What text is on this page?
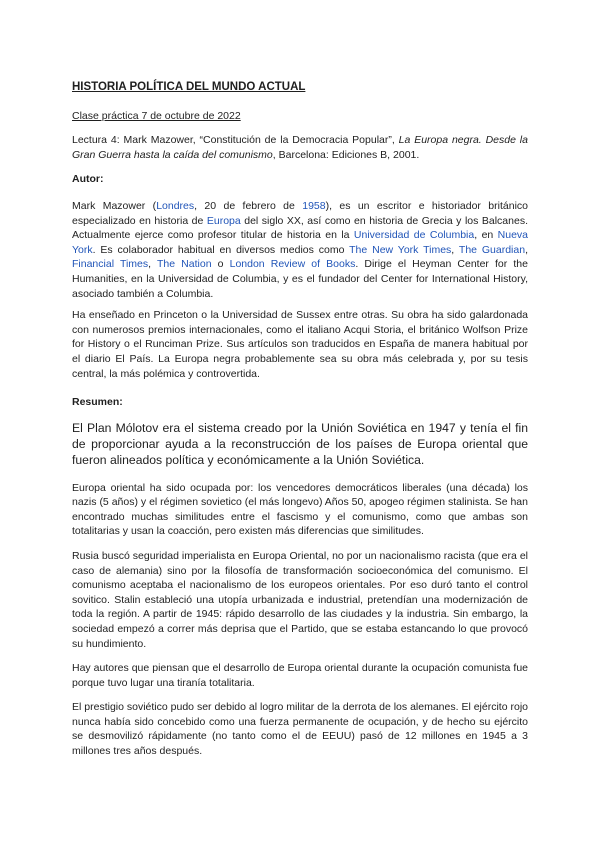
HISTORIA POLÍTICA DEL MUNDO ACTUAL

Clase práctica 7 de octubre de 2022

Lectura 4: Mark Mazower, “Constitución de la Democracia Popular”, La Europa negra. Desde la Gran Guerra hasta la caída del comunismo, Barcelona: Ediciones B, 2001.

Autor:

Mark Mazower (Londres, 20 de febrero de 1958), es un escritor e historiador británico especializado en historia de Europa del siglo XX, así como en historia de Grecia y los Balcanes. Actualmente ejerce como profesor titular de historia en la Universidad de Columbia, en Nueva York. Es colaborador habitual en diversos medios como The New York Times, The Guardian, Financial Times, The Nation o London Review of Books. Dirige el Heyman Center for the Humanities, en la Universidad de Columbia, y es el fundador del Center for International History, asociado también a Columbia.

Ha enseñado en Princeton o la Universidad de Sussex entre otras. Su obra ha sido galardonada con numerosos premios internacionales, como el italiano Acqui Storia, el británico Wolfson Prize for History o el Runciman Prize. Sus artículos son traducidos en España de manera habitual por el diario El País. La Europa negra probablemente sea su obra más celebrada y, por su tesis central, la más polémica y controvertida.

Resumen:

El Plan Mólotov era el sistema creado por la Unión Soviética en 1947 y tenía el fin de proporcionar ayuda a la reconstrucción de los países de Europa oriental que fueron alineados política y económicamente a la Unión Soviética.

Europa oriental ha sido ocupada por: los vencedores democráticos liberales (una década) los nazis (5 años) y el régimen sovietico (el más longevo) Años 50, apogeo régimen stalinista. Se han encontrado muchas similitudes entre el fascismo y el comunismo, como que ambas son totalitarias y usan la coacción, pero existen más diferencias que similitudes.

Rusia buscó seguridad imperialista en Europa Oriental, no por un nacionalismo racista (que era el caso de alemania) sino por la filosofía de transformación socioeconómica del comunismo. El comunismo aceptaba el nacionalismo de los europeos orientales. Por eso duró tanto el control sovitico. Stalin estableció una utopía urbanizada e industrial, pretendían una modernización de toda la región. A partir de 1945: rápido desarrollo de las ciudades y la industria. Sin embargo, la sociedad empezó a correr más deprisa que el Partido, que se estaba estancando lo que provocó su hundimiento.

Hay autores que piensan que el desarrollo de Europa oriental durante la ocupación comunista fue porque tuvo lugar una tiranía totalitaria.

El prestigio soviético pudo ser debido al logro militar de la derrota de los alemanes. El ejército rojo nunca había sido concebido como una fuerza permanente de ocupación, y de hecho su ejército se desmovilizó rápidamente (no tanto como el de EEUU) pasó de 12 millones en 1945 a 3 millones tres años después.
